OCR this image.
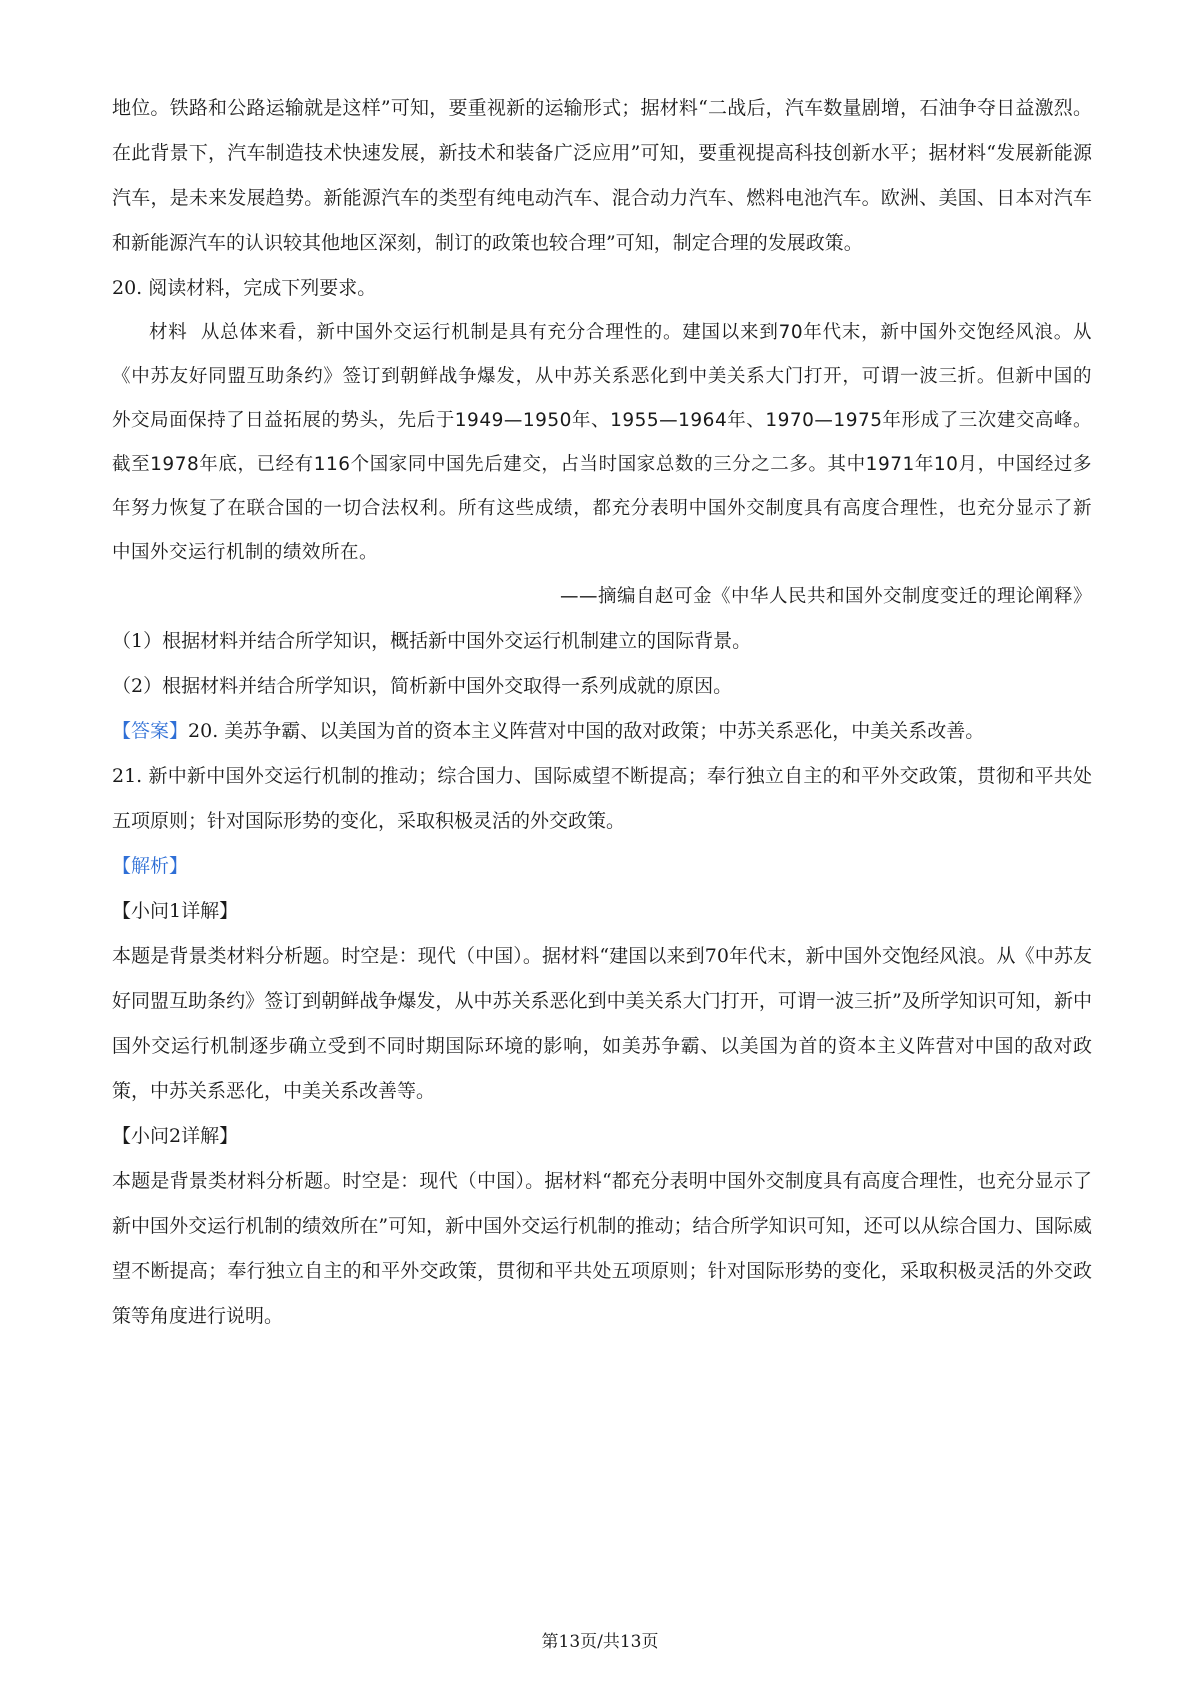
地位。铁路和公路运输就是这样”可知，要重视新的运输形式；据材料“二战后，汽车数量剧增，石油争夺日益激烈。在此背景下，汽车制造技术快速发展，新技术和装备广泛应用”可知，要重视提高科技创新水平；据材料“发展新能源汽车，是未来发展趋势。新能源汽车的类型有纯电动汽车、混合动力汽车、燃料电池汽车。欧洲、美国、日本对汽车和新能源汽车的认识较其他地区深刻，制订的政策也较合理”可知，制定合理的发展政策。

20. 阅读材料，完成下列要求。

材料 从总体来看，新中国外交运行机制是具有充分合理性的。建国以来到70年代末，新中国外交饱经风浪。从《中苏友好同盟互助条约》签订到朝鲜战争爆发，从中苏关系恶化到中美关系大门打开，可谓一波三折。但新中国的外交局面保持了日益拓展的势头，先后于1949—1950年、1955—1964年、1970—1975年形成了三次建交高峰。截至1978年底，已经有116个国家同中国先后建交，占当时国家总数的三分之二多。其中1971年10月，中国经过多年努力恢复了在联合国的一切合法权利。所有这些成绩，都充分表明中国外交制度具有高度合理性，也充分显示了新中国外交运行机制的绩效所在。
——摘编自赵可金《中华人民共和国外交制度变迁的理论阐释》

（1）根据材料并结合所学知识，概括新中国外交运行机制建立的国际背景。

（2）根据材料并结合所学知识，简析新中国外交取得一系列成就的原因。

【答案】20. 美苏争霸、以美国为首的资本主义阵营对中国的敌对政策；中苏关系恶化，中美关系改善。

21. 新中新中国外交运行机制的推动；综合国力、国际威望不断提高；奉行独立自主的和平外交政策，贯彻和平共处五项原则；针对国际形势的变化，采取积极灵活的外交政策。

【解析】

【小问1详解】

本题是背景类材料分析题。时空是：现代（中国）。据材料“建国以来到70年代末，新中国外交饱经风浪。从《中苏友好同盟互助条约》签订到朝鲜战争爆发，从中苏关系恶化到中美关系大门打开，可谓一波三折”及所学知识可知，新中国外交运行机制逐步确立受到不同时期国际环境的影响，如美苏争霸、以美国为首的资本主义阵营对中国的敌对政策，中苏关系恶化，中美关系改善等。

【小问2详解】

本题是背景类材料分析题。时空是：现代（中国）。据材料“都充分表明中国外交制度具有高度合理性，也充分显示了新中国外交运行机制的绩效所在”可知，新中国外交运行机制的推动；结合所学知识可知，还可以从综合国力、国际威望不断提高；奉行独立自主的和平外交政策，贯彻和平共处五项原则；针对国际形势的变化，采取积极灵活的外交政策等角度进行说明。

第13页/共13页
